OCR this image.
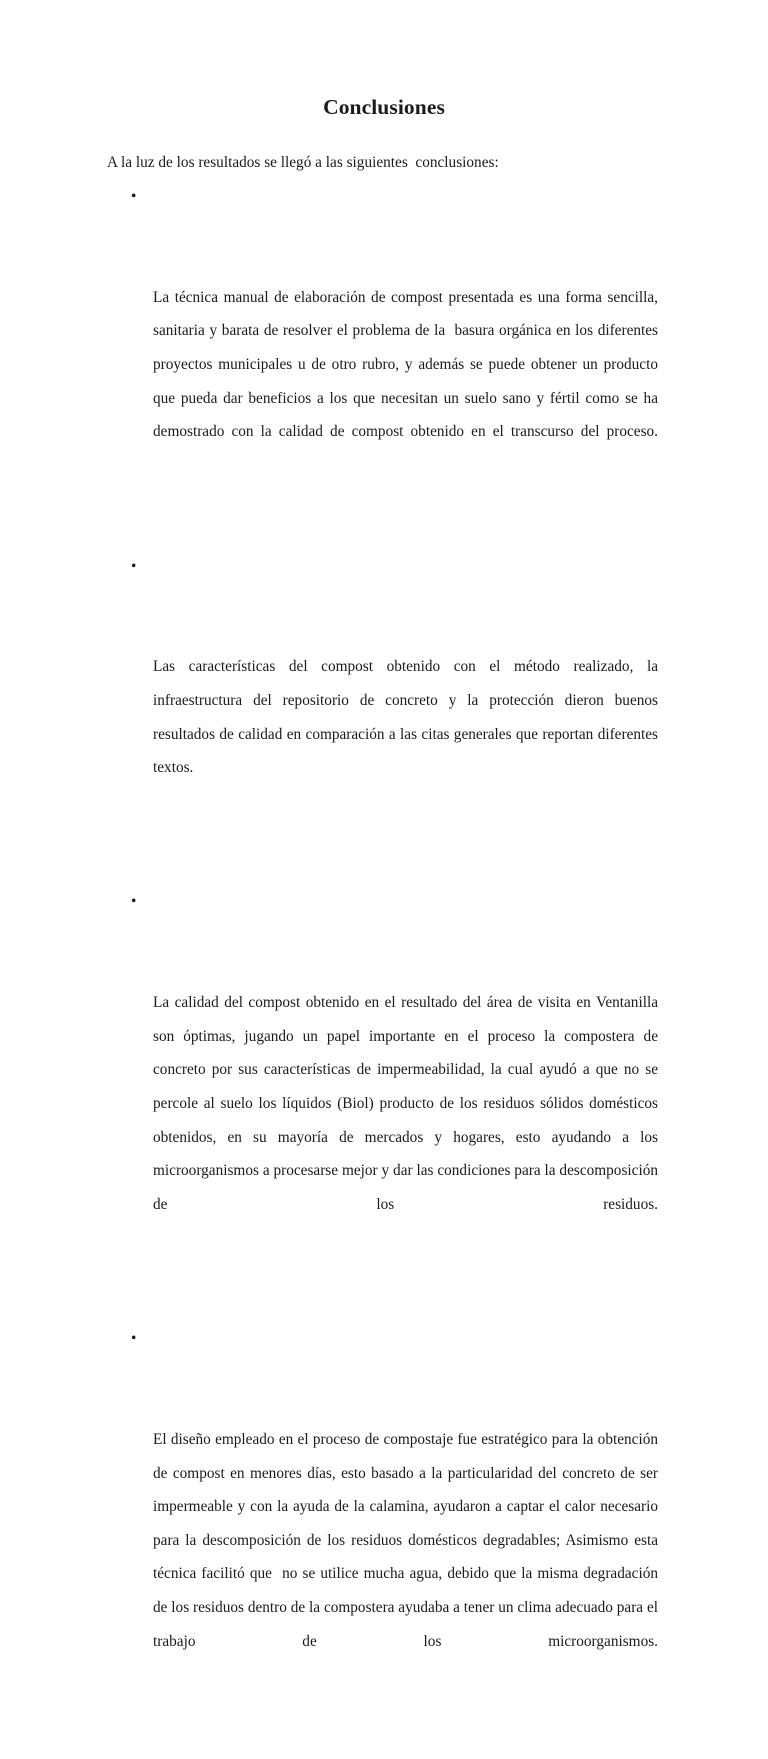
Conclusiones

A la luz de los resultados se llegó a las siguientes  conclusiones:

•

La técnica manual de elaboración de compost presentada es una forma sencilla, sanitaria y barata de resolver el problema de la  basura orgánica en los diferentes proyectos municipales u de otro rubro, y además se puede obtener un producto que pueda dar beneficios a los que necesitan un suelo sano y fértil como se ha demostrado con la calidad de compost obtenido en el transcurso del proceso.

•

Las características del compost obtenido con el método realizado, la infraestructura del repositorio de concreto y la protección dieron buenos resultados de calidad en comparación a las citas generales que reportan diferentes textos.

•

La calidad del compost obtenido en el resultado del área de visita en Ventanilla son óptimas, jugando un papel importante en el proceso la compostera de concreto por sus características de impermeabilidad, la cual ayudó a que no se percole al suelo los líquidos (Biol) producto de los residuos sólidos domésticos obtenidos, en su mayoría de mercados y hogares, esto ayudando a los microorganismos a procesarse mejor y dar las condiciones para la descomposición de los residuos.

•

El diseño empleado en el proceso de compostaje fue estratégico para la obtención de compost en menores días, esto basado a la particularidad del concreto de ser impermeable y con la ayuda de la calamina, ayudaron a captar el calor necesario para la descomposición de los residuos domésticos degradables; Asimismo esta técnica facilitó que  no se utilice mucha agua, debido que la misma degradación de los residuos dentro de la compostera ayudaba a tener un clima adecuado para el trabajo de los microorganismos.
